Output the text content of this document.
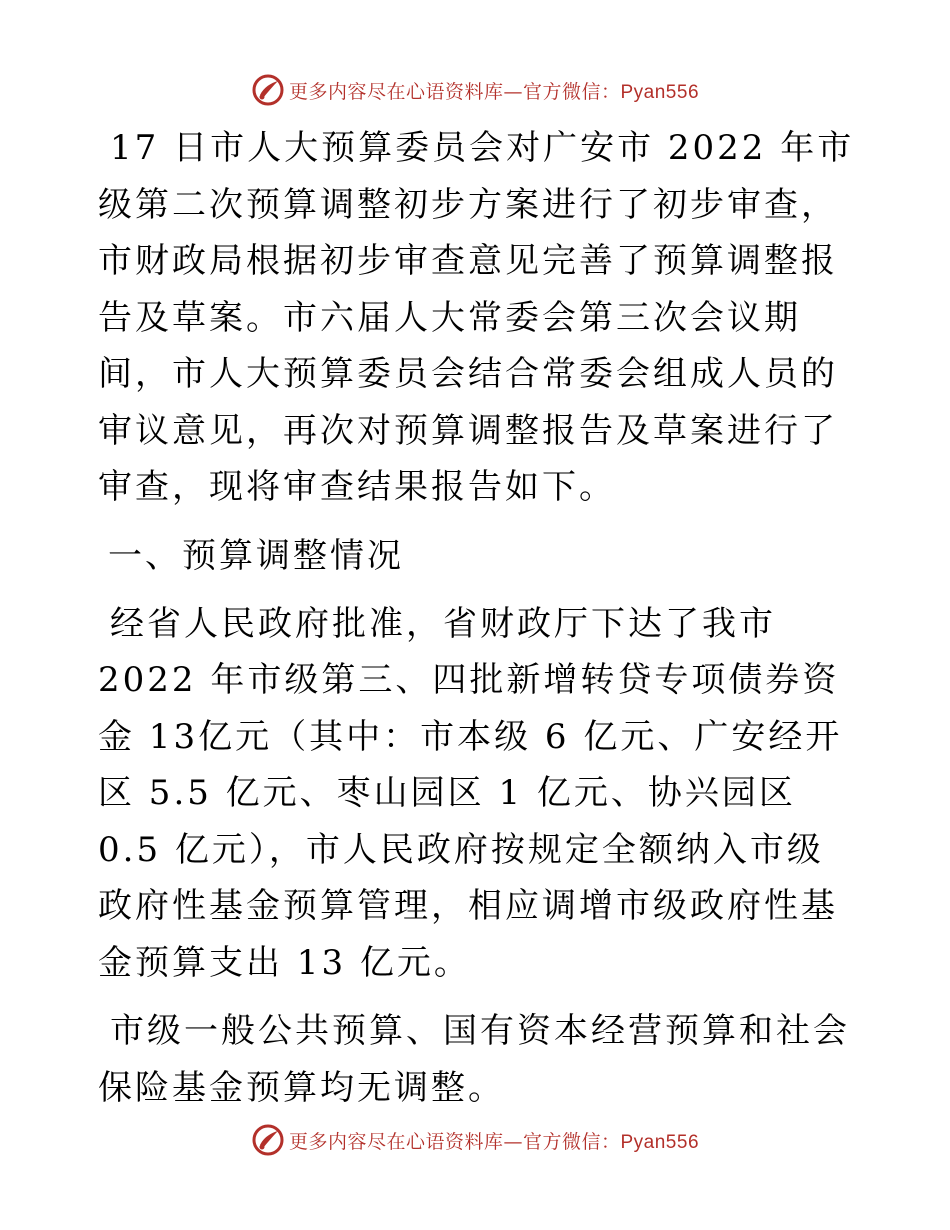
更多内容尽在心语资料库—官方微信：Pyan556

17 日市人大预算委员会对广安市 2022 年市级第二次预算调整初步方案进行了初步审查，市财政局根据初步审查意见完善了预算调整报告及草案。市六届人大常委会第三次会议期间，市人大预算委员会结合常委会组成人员的审议意见，再次对预算调整报告及草案进行了审查，现将审查结果报告如下。

一、预算调整情况

经省人民政府批准，省财政厅下达了我市 2022 年市级第三、四批新增转贷专项债券资金 13亿元（其中：市本级 6 亿元、广安经开区 5.5 亿元、枣山园区 1 亿元、协兴园区 0.5 亿元），市人民政府按规定全额纳入市级政府性基金预算管理，相应调增市级政府性基金预算支出 13 亿元。

市级一般公共预算、国有资本经营预算和社会保险基金预算均无调整。

更多内容尽在心语资料库—官方微信：Pyan556
